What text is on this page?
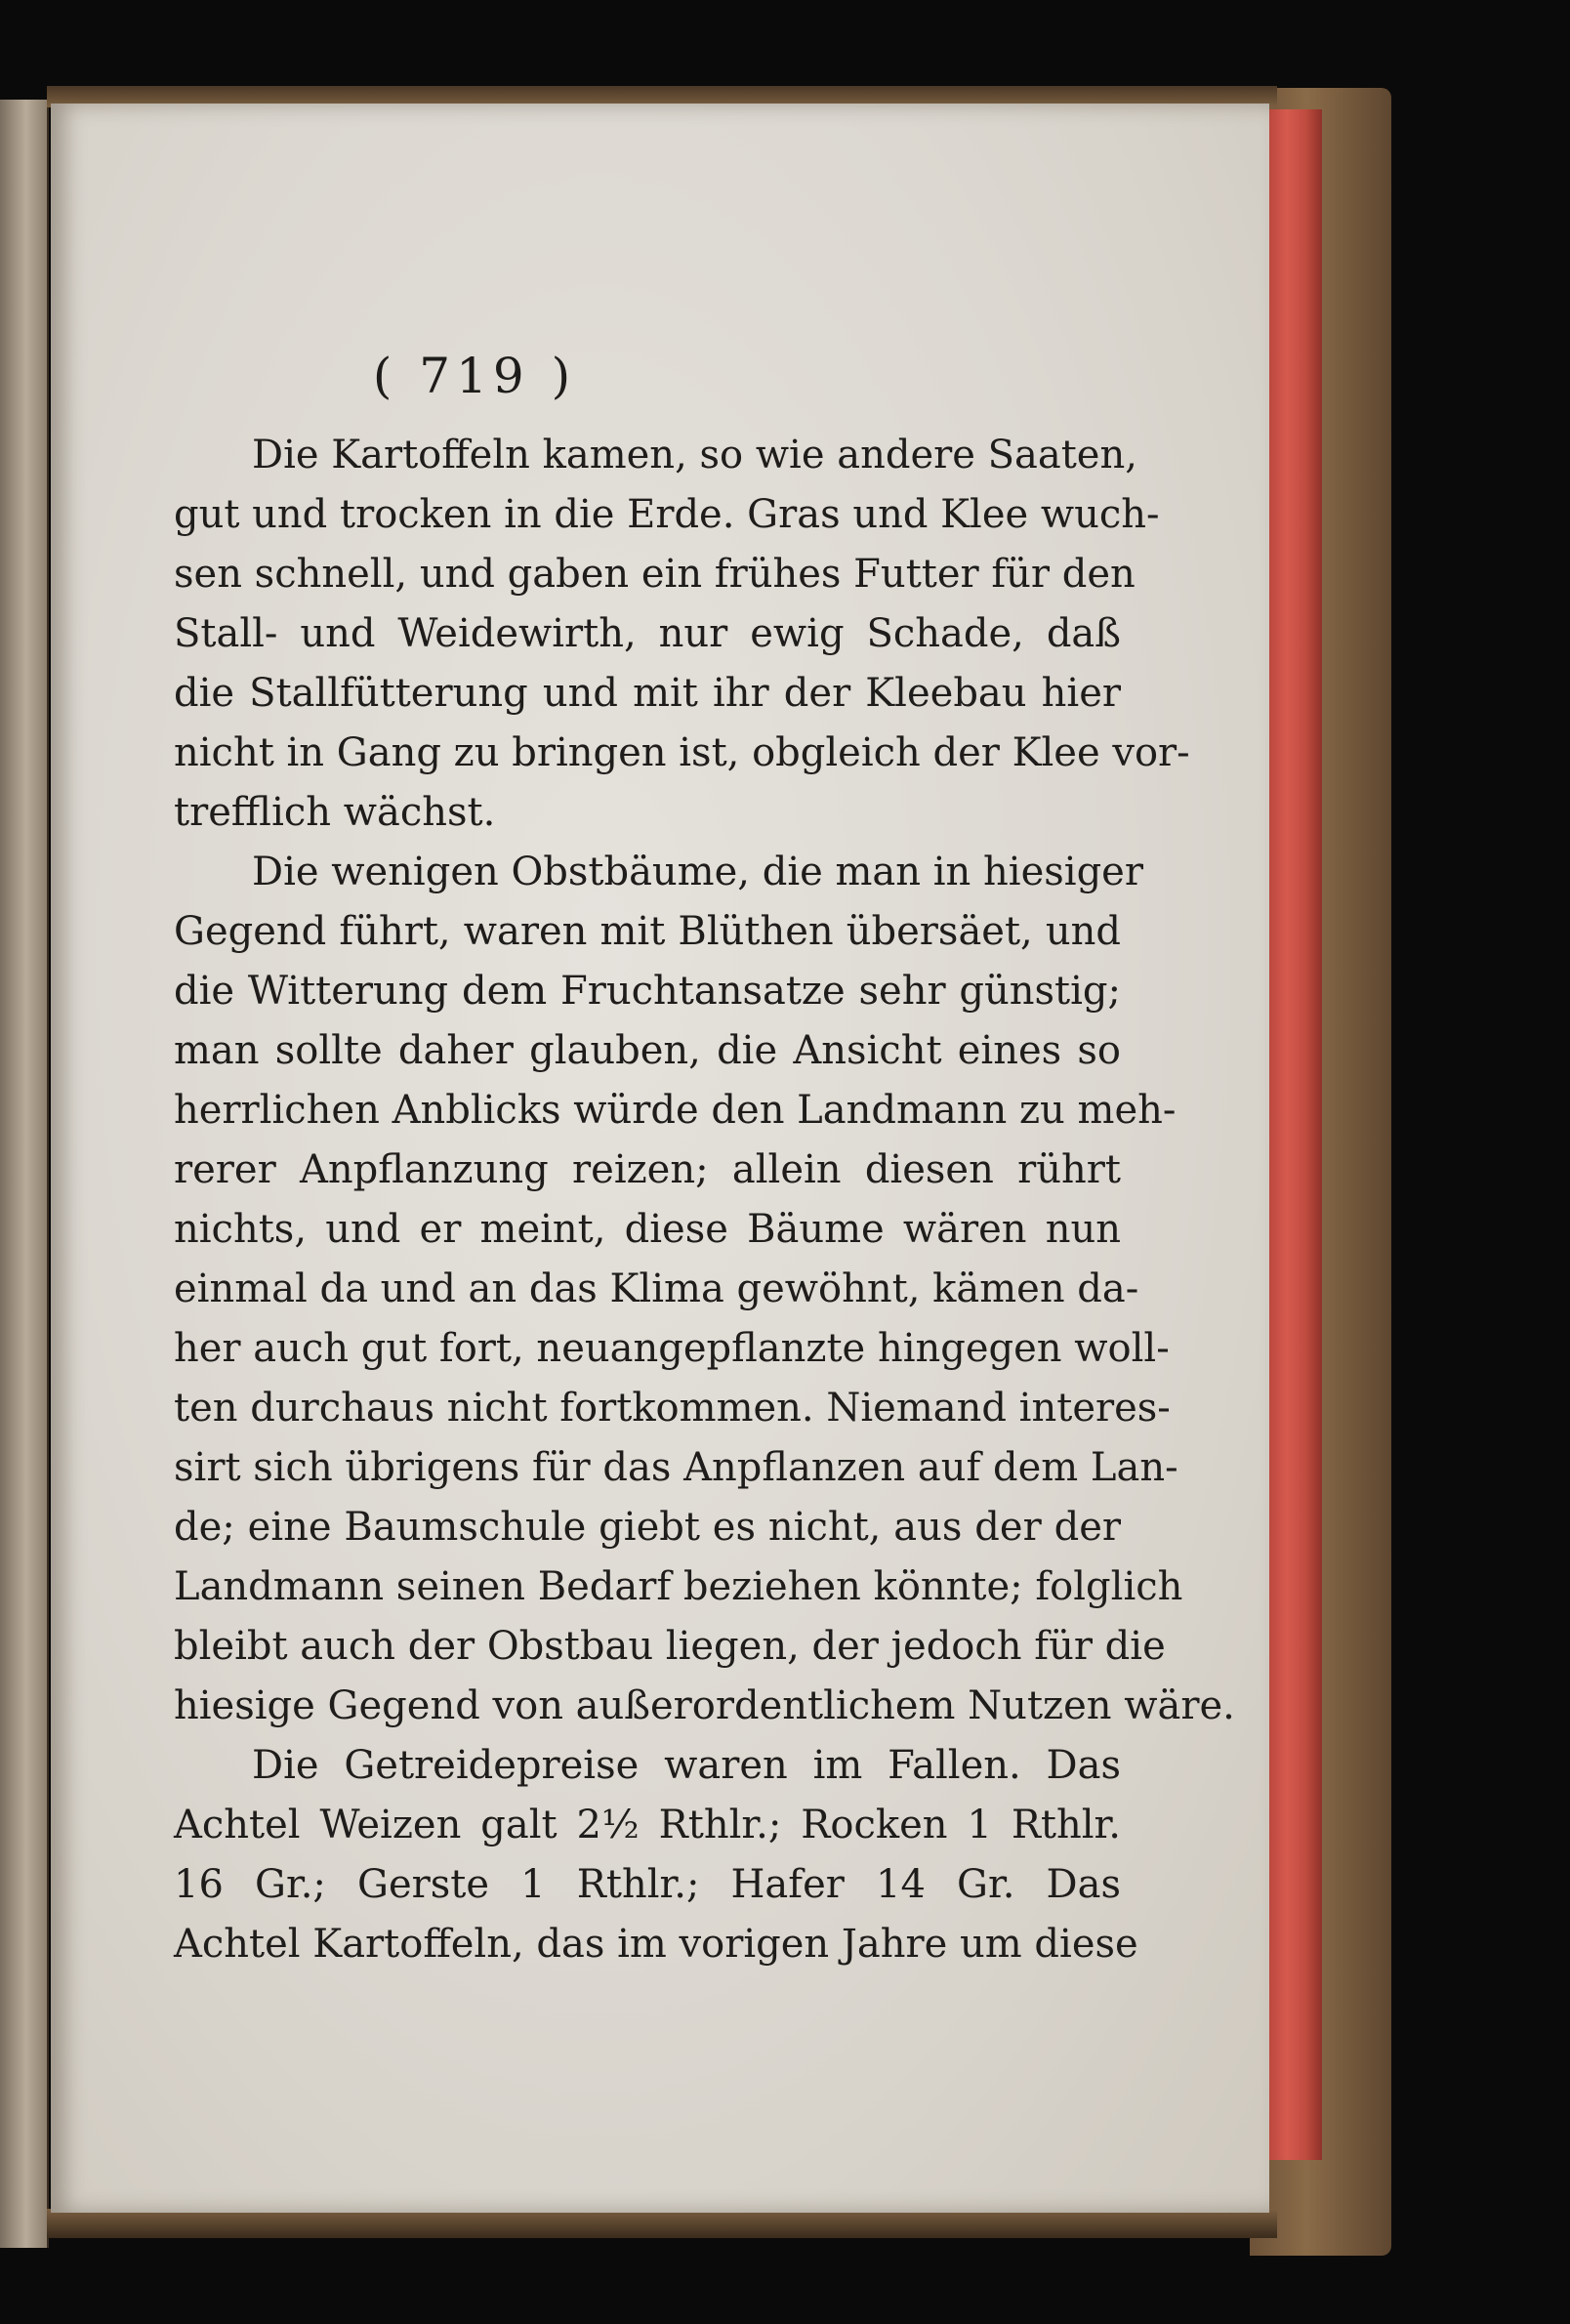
( 719 )
Die Kartoffeln kamen, so wie andere Saaten,
gut und trocken in die Erde. Gras und Klee wuch-
sen schnell, und gaben ein frühes Futter für den
Stall- und Weidewirth, nur ewig Schade, daß
die Stallfütterung und mit ihr der Kleebau hier
nicht in Gang zu bringen ist, obgleich der Klee vor-
trefflich wächst.
Die wenigen Obstbäume, die man in hiesiger
Gegend führt, waren mit Blüthen übersäet, und
die Witterung dem Fruchtansatze sehr günstig;
man sollte daher glauben, die Ansicht eines so
herrlichen Anblicks würde den Landmann zu meh-
rerer Anpflanzung reizen; allein diesen rührt
nichts, und er meint, diese Bäume wären nun
einmal da und an das Klima gewöhnt, kämen da-
her auch gut fort, neuangepflanzte hingegen woll-
ten durchaus nicht fortkommen. Niemand interes-
sirt sich übrigens für das Anpflanzen auf dem Lan-
de; eine Baumschule giebt es nicht, aus der der
Landmann seinen Bedarf beziehen könnte; folglich
bleibt auch der Obstbau liegen, der jedoch für die
hiesige Gegend von außerordentlichem Nutzen wäre.
Die Getreidepreise waren im Fallen. Das
Achtel Weizen galt 2½ Rthlr.; Rocken 1 Rthlr.
16 Gr.; Gerste 1 Rthlr.; Hafer 14 Gr. Das
Achtel Kartoffeln, das im vorigen Jahre um diese
